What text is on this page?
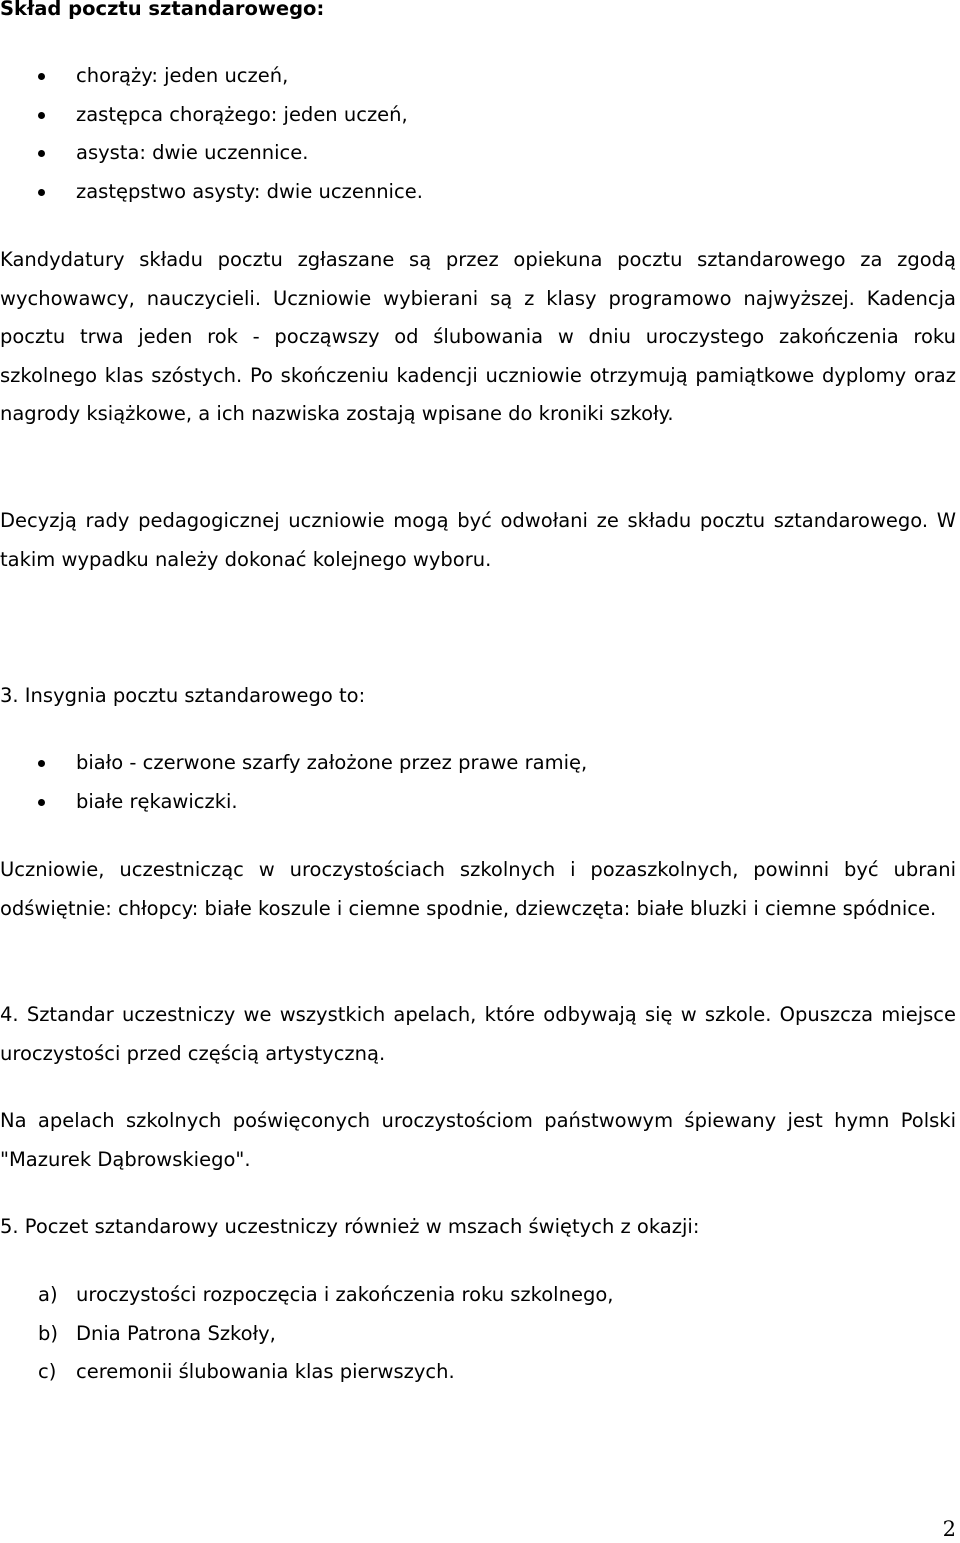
Skład pocztu sztandarowego:
chorąży: jeden uczeń,
zastępca chorążego: jeden uczeń,
asysta: dwie uczennice.
zastępstwo asysty: dwie uczennice.

Kandydatury składu pocztu zgłaszane są przez opiekuna pocztu sztandarowego za zgodą wychowawcy, nauczycieli. Uczniowie wybierani są z klasy programowo najwyższej. Kadencja pocztu trwa jeden rok - począwszy od ślubowania w dniu uroczystego zakończenia roku szkolnego klas szóstych. Po skończeniu kadencji uczniowie otrzymują pamiątkowe dyplomy oraz nagrody książkowe, a ich nazwiska zostają wpisane do kroniki szkoły.

Decyzją rady pedagogicznej uczniowie mogą być odwołani ze składu pocztu sztandarowego. W takim wypadku należy dokonać kolejnego wyboru.

3. Insygnia pocztu sztandarowego to:
biało - czerwone szarfy założone przez prawe ramię,
białe rękawiczki.

Uczniowie, uczestnicząc w uroczystościach szkolnych i pozaszkolnych, powinni być ubrani odświętnie: chłopcy: białe koszule i ciemne spodnie, dziewczęta: białe bluzki i ciemne spódnice.

4. Sztandar uczestniczy we wszystkich apelach, które odbywają się w szkole. Opuszcza miejsce uroczystości przed częścią artystyczną.

Na apelach szkolnych poświęconych uroczystościom państwowym śpiewany jest hymn Polski "Mazurek Dąbrowskiego".

5. Poczet sztandarowy uczestniczy również w mszach świętych z okazji:
a) uroczystości rozpoczęcia i zakończenia roku szkolnego,
b) Dnia Patrona Szkoły,
c) ceremonii ślubowania klas pierwszych.
2
